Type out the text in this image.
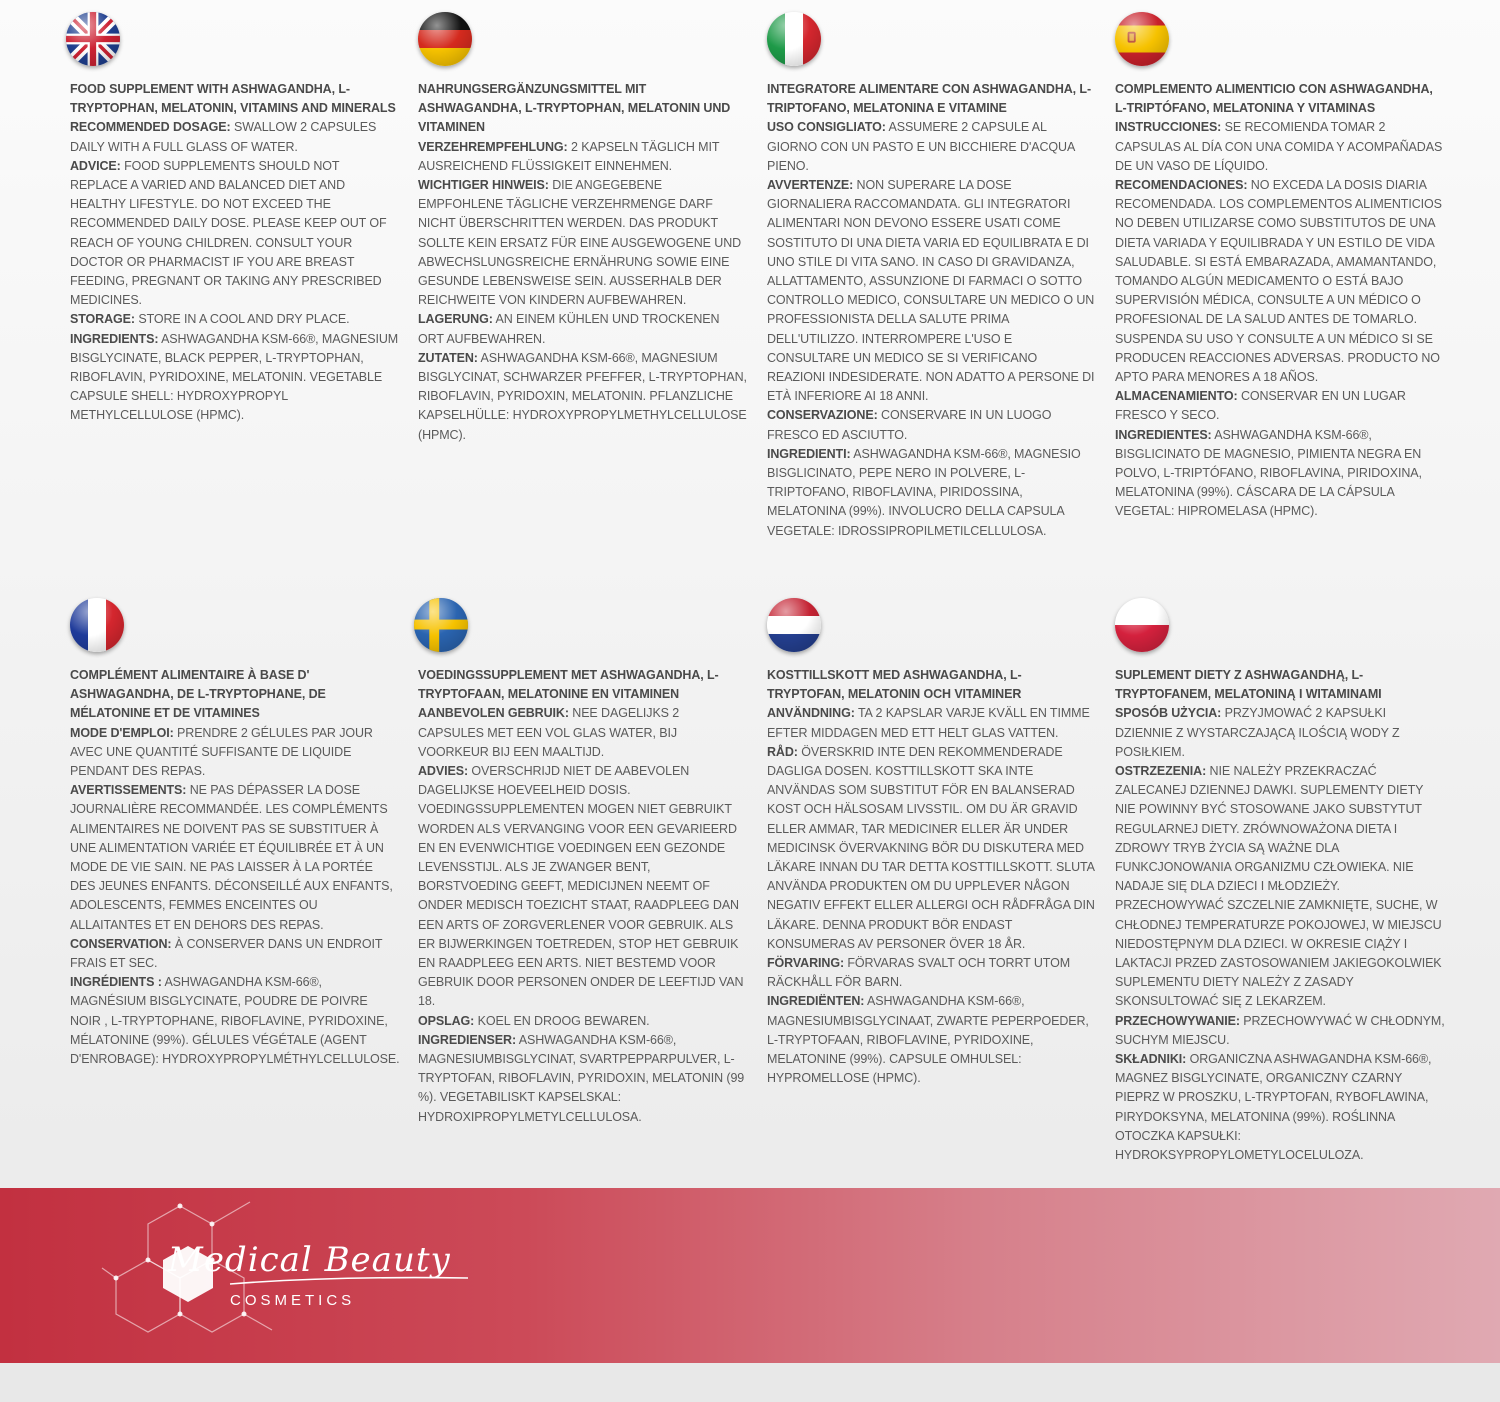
FOOD SUPPLEMENT WITH ASHWAGANDHA, L-TRYPTOPHAN, MELATONIN, VITAMINS AND MINERALS

RECOMMENDED DOSAGE: SWALLOW 2 CAPSULES DAILY WITH A FULL GLASS OF WATER.

ADVICE: FOOD SUPPLEMENTS SHOULD NOT REPLACE A VARIED AND BALANCED DIET AND HEALTHY LIFESTYLE. DO NOT EXCEED THE RECOMMENDED DAILY DOSE. PLEASE KEEP OUT OF REACH OF YOUNG CHILDREN. CONSULT YOUR DOCTOR OR PHARMACIST IF YOU ARE BREAST FEEDING, PREGNANT OR TAKING ANY PRESCRIBED MEDICINES.

STORAGE: STORE IN A COOL AND DRY PLACE.

INGREDIENTS: ASHWAGANDHA KSM-66®, MAGNESIUM BISGLYCINATE, BLACK PEPPER, L-TRYPTOPHAN, RIBOFLAVIN, PYRIDOXINE, MELATONIN. VEGETABLE CAPSULE SHELL: HYDROXYPROPYL METHYLCELLULOSE (HPMC).

NAHRUNGSERGÄNZUNGSMITTEL MIT ASHWAGANDHA, L-TRYPTOPHAN, MELATONIN UND VITAMINEN

VERZEHREMPFEHLUNG: 2 KAPSELN TÄGLICH MIT AUSREICHEND FLÜSSIGKEIT EINNEHMEN.

WICHTIGER HINWEIS: DIE ANGEGEBENE EMPFOHLENE TÄGLICHE VERZEHRMENGE DARF NICHT ÜBERSCHRITTEN WERDEN. DAS PRODUKT SOLLTE KEIN ERSATZ FÜR EINE AUSGEWOGENE UND ABWECHSLUNGSREICHE ERNÄHRUNG SOWIE EINE GESUNDE LEBENSWEISE SEIN. AUSSERHALB DER REICHWEITE VON KINDERN AUFBEWAHREN.

LAGERUNG: AN EINEM KÜHLEN UND TROCKENEN ORT AUFBEWAHREN.

ZUTATEN: ASHWAGANDHA KSM-66®, MAGNESIUM BISGLYCINAT, SCHWARZER PFEFFER, L-TRYPTOPHAN, RIBOFLAVIN, PYRIDOXIN, MELATONIN. PFLANZLICHE KAPSELHÜLLE: HYDROXYPROPYLMETHYLCELLULOSE (HPMC).

INTEGRATORE ALIMENTARE CON ASHWAGANDHA, L-TRIPTOFANO, MELATONINA E VITAMINE

USO CONSIGLIATO: ASSUMERE 2 CAPSULE AL GIORNO CON UN PASTO E UN BICCHIERE D'ACQUA PIENO.

AVVERTENZE: NON SUPERARE LA DOSE GIORNALIERA RACCOMANDATA. GLI INTEGRATORI ALIMENTARI NON DEVONO ESSERE USATI COME SOSTITUTO DI UNA DIETA VARIA ED EQUILIBRATA E DI UNO STILE DI VITA SANO. IN CASO DI GRAVIDANZA, ALLATTAMENTO, ASSUNZIONE DI FARMACI O SOTTO CONTROLLO MEDICO, CONSULTARE UN MEDICO O UN PROFESSIONISTA DELLA SALUTE PRIMA DELL'UTILIZZO. INTERROMPERE L'USO E CONSULTARE UN MEDICO SE SI VERIFICANO REAZIONI INDESIDERATE. NON ADATTO A PERSONE DI ETÀ INFERIORE AI 18 ANNI.

CONSERVAZIONE: CONSERVARE IN UN LUOGO FRESCO ED ASCIUTTO.

INGREDIENTI: ASHWAGANDHA KSM-66®, MAGNESIO BISGLICINATO, PEPE NERO IN POLVERE, L-TRIPTOFANO, RIBOFLAVINA, PIRIDOSSINA, MELATONINA (99%). INVOLUCRO DELLA CAPSULA VEGETALE: IDROSSIPROPILMETILCELLULOSA.

COMPLEMENTO ALIMENTICIO CON ASHWAGANDHA, L-TRIPTÓFANO, MELATONINA Y VITAMINAS

INSTRUCCIONES: SE RECOMIENDA TOMAR 2 CAPSULAS AL DÍA CON UNA COMIDA Y ACOMPAÑADAS DE UN VASO DE LÍQUIDO.

RECOMENDACIONES: NO EXCEDA LA DOSIS DIARIA RECOMENDADA. LOS COMPLEMENTOS ALIMENTICIOS NO DEBEN UTILIZARSE COMO SUBSTITUTOS DE UNA DIETA VARIADA Y EQUILIBRADA Y UN ESTILO DE VIDA SALUDABLE. SI ESTÁ EMBARAZADA, AMAMANTANDO, TOMANDO ALGÚN MEDICAMENTO O ESTÁ BAJO SUPERVISIÓN MÉDICA, CONSULTE A UN MÉDICO O PROFESIONAL DE LA SALUD ANTES DE TOMARLO. SUSPENDA SU USO Y CONSULTE A UN MÉDICO SI SE PRODUCEN REACCIONES ADVERSAS. PRODUCTO NO APTO PARA MENORES A 18 AÑOS.

ALMACENAMIENTO: CONSERVAR EN UN LUGAR FRESCO Y SECO.

INGREDIENTES: ASHWAGANDHA KSM-66®, BISGLICINATO DE MAGNESIO, PIMIENTA NEGRA EN POLVO, L-TRIPTÓFANO, RIBOFLAVINA, PIRIDOXINA, MELATONINA (99%). CÁSCARA DE LA CÁPSULA VEGETAL: HIPROMELASA (HPMC).

COMPLÉMENT ALIMENTAIRE À BASE D' ASHWAGANDHA, DE L-TRYPTOPHANE, DE MÉLATONINE ET DE VITAMINES

MODE D'EMPLOI: PRENDRE 2 GÉLULES PAR JOUR AVEC UNE QUANTITÉ SUFFISANTE DE LIQUIDE PENDANT DES REPAS.

AVERTISSEMENTS: NE PAS DÉPASSER LA DOSE JOURNALIÈRE RECOMMANDÉE. LES COMPLÉMENTS ALIMENTAIRES NE DOIVENT PAS SE SUBSTITUER À UNE ALIMENTATION VARIÉE ET ÉQUILIBRÉE ET À UN MODE DE VIE SAIN. NE PAS LAISSER À LA PORTÉE DES JEUNES ENFANTS. DÉCONSEILLÉ AUX ENFANTS, ADOLESCENTS, FEMMES ENCEINTES OU ALLAITANTES ET EN DEHORS DES REPAS.

CONSERVATION: À CONSERVER DANS UN ENDROIT FRAIS ET SEC.

INGRÉDIENTS : ASHWAGANDHA KSM-66®, MAGNÉSIUM BISGLYCINATE, POUDRE DE POIVRE NOIR , L-TRYPTOPHANE, RIBOFLAVINE, PYRIDOXINE, MÉLATONINE (99%). GÉLULES VÉGÉTALE (AGENT D'ENROBAGE): HYDROXYPROPYLMÉTHYLCELLULOSE.

VOEDINGSSUPPLEMENT MET ASHWAGANDHA, L-TRYPTOFAAN, MELATONINE EN VITAMINEN

AANBEVOLEN GEBRUIK: NEE DAGELIJKS 2 CAPSULES MET EEN VOL GLAS WATER, BIJ VOORKEUR BIJ EEN MAALTIJD.

ADVIES: OVERSCHRIJD NIET DE AABEVOLEN DAGELIJKSE HOEVEELHEID DOSIS. VOEDINGSSUPPLEMENTEN MOGEN NIET GEBRUIKT WORDEN ALS VERVANGING VOOR EEN GEVARIEERD EN EN EVENWICHTIGE VOEDINGEN EEN GEZONDE LEVENSSTIJL. ALS JE ZWANGER BENT, BORSTVOEDING GEEFT, MEDICIJNEN NEEMT OF ONDER MEDISCH TOEZICHT STAAT, RAADPLEEG DAN EEN ARTS OF ZORGVERLENER VOOR GEBRUIK. ALS ER BIJWERKINGEN TOETREDEN, STOP HET GEBRUIK EN RAADPLEEG EEN ARTS. NIET BESTEMD VOOR GEBRUIK DOOR PERSONEN ONDER DE LEEFTIJD VAN 18.

OPSLAG: KOEL EN DROOG BEWAREN.

INGREDIENSER: ASHWAGANDHA KSM-66®, MAGNESIUMBISGLYCINAT, SVARTPEPPARPULVER, L-TRYPTOFAN, RIBOFLAVIN, PYRIDOXIN, MELATONIN (99 %). VEGETABILISKT KAPSELSKAL: HYDROXIPROPYLMETYLCELLULOSA.

KOSTTILLSKOTT MED ASHWAGANDHA, L-TRYPTOFAN, MELATONIN OCH VITAMINER

ANVÄNDNING: TA 2 KAPSLAR VARJE KVÄLL EN TIMME EFTER MIDDAGEN MED ETT HELT GLAS VATTEN.

RÅD: ÖVERSKRID INTE DEN REKOMMENDERADE DAGLIGA DOSEN. KOSTTILLSKOTT SKA INTE ANVÄNDAS SOM SUBSTITUT FÖR EN BALANSERAD KOST OCH HÄLSOSAM LIVSSTIL. OM DU ÄR GRAVID ELLER AMMAR, TAR MEDICINER ELLER ÄR UNDER MEDICINSK ÖVERVAKNING BÖR DU DISKUTERA MED LÄKARE INNAN DU TAR DETTA KOSTTILLSKOTT. SLUTA ANVÄNDA PRODUKTEN OM DU UPPLEVER NÅGON NEGATIV EFFEKT ELLER ALLERGI OCH RÅDFRÅGA DIN LÄKARE. DENNA PRODUKT BÖR ENDAST KONSUMERAS AV PERSONER ÖVER 18 ÅR.

FÖRVARING: FÖRVARAS SVALT OCH TORRT UTOM RÄCKHÅLL FÖR BARN.

INGREDIËNTEN: ASHWAGANDHA KSM-66®, MAGNESIUMBISGLYCINAAT, ZWARTE PEPERPOEDER, L-TRYPTOFAAN, RIBOFLAVINE, PYRIDOXINE, MELATONINE (99%). CAPSULE OMHULSEL: HYPROMELLOSE (HPMC).

SUPLEMENT DIETY Z ASHWAGANDHĄ, L-TRYPTOFANEM, MELATONINĄ I WITAMINAMI

SPOSÓB UŻYCIA: PRZYJMOWAĆ 2 KAPSUŁKI DZIENNIE Z WYSTARCZAJĄCĄ ILOŚCIĄ WODY Z POSIŁKIEM.

OSTRZEZENIA: NIE NALEŻY PRZEKRACZAĆ ZALECANEJ DZIENNEJ DAWKI. SUPLEMENTY DIETY NIE POWINNY BYĆ STOSOWANE JAKO SUBSTYTUT REGULARNEJ DIETY. ZRÓWNOWAŻONA DIETA I ZDROWY TRYB ŻYCIA SĄ WAŻNE DLA FUNKCJONOWANIA ORGANIZMU CZŁOWIEKA. NIE NADAJE SIĘ DLA DZIECI I MŁODZIEŻY. PRZECHOWYWAĆ SZCZELNIE ZAMKNIĘTE, SUCHE, W CHŁODNEJ TEMPERATURZE POKOJOWEJ, W MIEJSCU NIEDOSTĘPNYM DLA DZIECI. W OKRESIE CIĄŻY I LAKTACJI PRZED ZASTOSOWANIEM JAKIEGOKOLWIEK SUPLEMENTU DIETY NALEŻY Z ZASADY SKONSULTOWAĆ SIĘ Z LEKARZEM.

PRZECHOWYWANIE: PRZECHOWYWAĆ W CHŁODNYM, SUCHYM MIEJSCU.

SKŁADNIKI: ORGANICZNA ASHWAGANDHA KSM-66®, MAGNEZ BISGLYCINATE, ORGANICZNY CZARNY PIEPRZ W PROSZKU, L-TRYPTOFAN, RYBOFLAWINA, PIRYDOKSYNA, MELATONINA (99%). ROŚLINNA OTOCZKA KAPSUŁKI: HYDROKSYPROPYLOMETYLOCELULOZA.

Medical Beauty
COSMETICS
